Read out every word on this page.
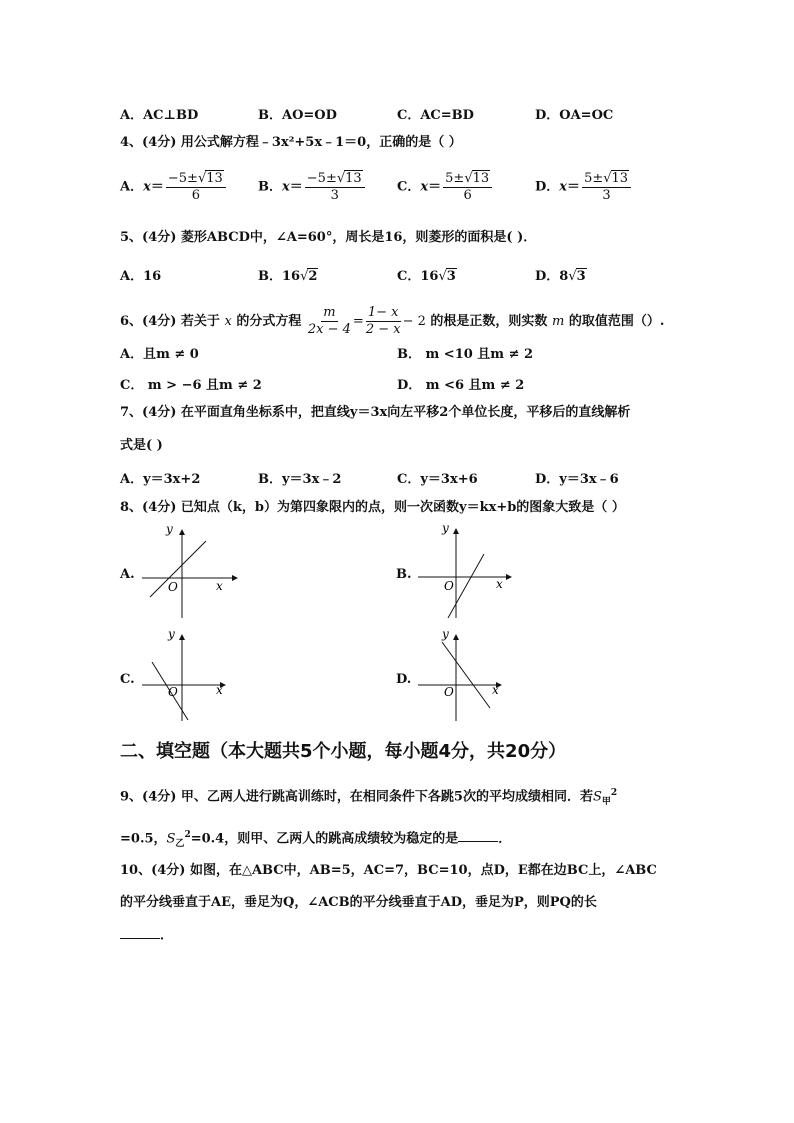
A．AC⊥BD	B．AO=OD	C．AC=BD	D．OA=OC
4、(4分) 用公式解方程﹣3x²+5x﹣1＝0，正确的是（ ）
A．$x= \frac{-5\pm√13}{6}$ B．$x= \frac{-5\pm√13}{3}$ C．$x= \frac{5\pm√13}{6}$	D．$x= \frac{5\pm√13}{3}$
5、(4分) 菱形ABCD中，∠A=60°，周长是16，则菱形的面积是( )．
A．16	B．16√2	C．16√3	D．8√3
6、(4分) 若关于 x 的分式方程 $\frac{m}{2x - 4} = \frac{1- x}{2 - x} - 2$ 的根是正数，则实数 m 的取值范围（）.
A．且m ≠ 0	B． m <10 且m ≠ 2
C． m > −6 且m ≠ 2	D． m <6 且m ≠ 2
7、(4分) 在平面直角坐标系中，把直线y＝3x向左平移2个单位长度，平移后的直线解析
式是( )
A．y＝3x+2	B．y＝3x﹣2	C．y＝3x+6	D．y＝3x﹣6
8、(4分) 已知点（k，b）为第四象限内的点，则一次函数y＝kx+b的图象大致是（ ）
A.
y
x
O
B.
y
x
O
C.
y
x
O
D.
y
x
O
二、填空题（本大题共5个小题，每小题4分，共20分）
9、(4分) 甲、乙两人进行跳高训练时，在相同条件下各跳5次的平均成绩相同．若$S_甲^2$
=0.5，$S_乙^2=0.4$，则甲、乙两人的跳高成绩较为稳定的是	．
10、(4分) 如图，在△ABC中，AB=5，AC=7，BC=10，点D，E都在边BC上，∠ABC
的平分线垂直于AE，垂足为Q，∠ACB的平分线垂直于AD，垂足为P，则PQ的长
．
